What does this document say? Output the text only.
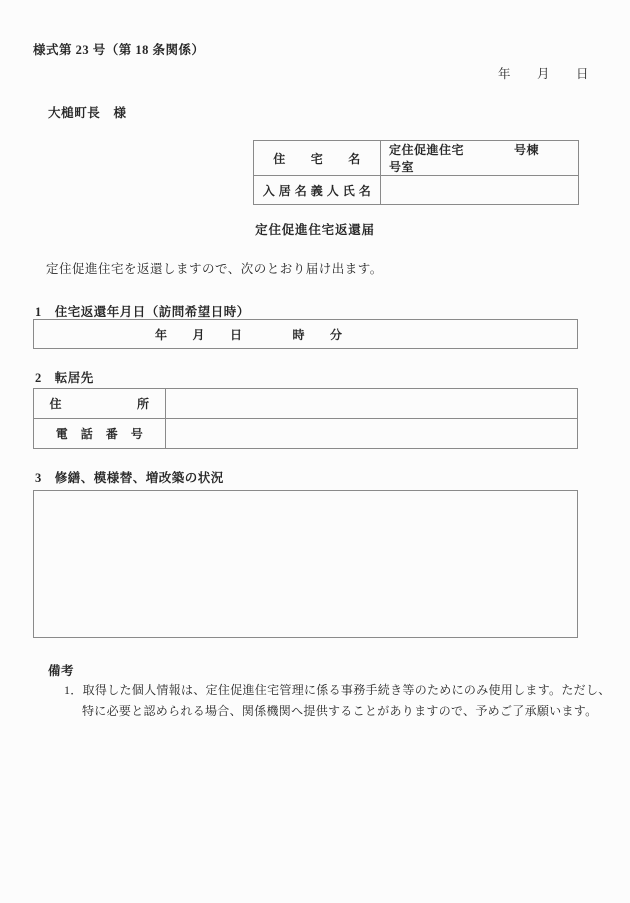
様式第 23 号（第 18 条関係）
年　　月　　日
大槌町長　様
住　　宅　　名	定住促進住宅　　　　号棟　　　　号室
入 居 名 義 人 氏 名	
定住促進住宅返還届
定住促進住宅を返還しますので、次のとおり届け出ます。
1　住宅返還年月日（訪問希望日時）
年　　月　　日　　　　時　　分
2　転居先
住　　　　　　所	
電　話　番　号	
3　修繕、模様替、増改築の状況
備考
1．取得した個人情報は、定住促進住宅管理に係る事務手続き等のためにのみ使用します。ただし、
特に必要と認められる場合、関係機関へ提供することがありますので、予めご了承願います。
